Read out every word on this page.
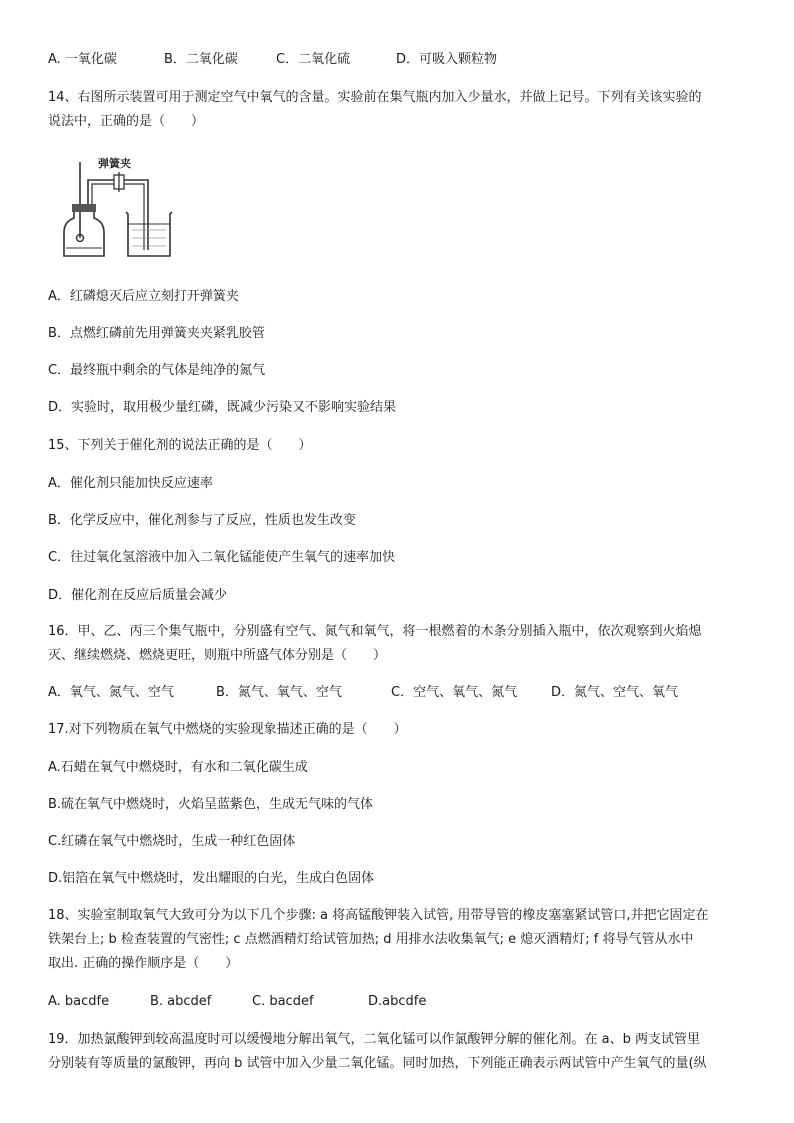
A. 一氧化碳	B．二氧化碳	C．二氧化硫	D．可吸入颗粒物
14、右图所示装置可用于测定空气中氧气的含量。实验前在集气瓶内加入少量水，并做上记号。下列有关该实验的
说法中，正确的是（　　）
弹簧夹
A．红磷熄灭后应立刻打开弹簧夹
B．点燃红磷前先用弹簧夹夹紧乳胶管
C．最终瓶中剩余的气体是纯净的氮气
D．实验时，取用极少量红磷，既减少污染又不影响实验结果
15、下列关于催化剂的说法正确的是（　　）
A．催化剂只能加快反应速率
B．化学反应中，催化剂参与了反应，性质也发生改变
C．往过氧化氢溶液中加入二氧化锰能使产生氧气的速率加快
D．催化剂在反应后质量会减少
16．甲、乙、丙三个集气瓶中，分别盛有空气、氮气和氧气，将一根燃着的木条分别插入瓶中，依次观察到火焰熄
灭、继续燃烧、燃烧更旺，则瓶中所盛气体分别是（　　）
A．氧气、氮气、空气	B．氮气、氧气、空气	C．空气、氧气、氮气	D．氮气、空气、氧气
17.对下列物质在氧气中燃烧的实验现象描述正确的是（　　）
A.石蜡在氧气中燃烧时，有水和二氧化碳生成
B.硫在氧气中燃烧时，火焰呈蓝紫色，生成无气味的气体
C.红磷在氧气中燃烧时，生成一种红色固体
D.铝箔在氧气中燃烧时，发出耀眼的白光，生成白色固体
18、实验室制取氧气大致可分为以下几个步骤: a 将高锰酸钾装入试管, 用带导管的橡皮塞塞紧试管口,并把它固定在
铁架台上; b 检查装置的气密性; c 点燃酒精灯给试管加热; d 用排水法收集氧气; e 熄灭酒精灯; f 将导气管从水中
取出. 正确的操作顺序是（　　）
A. bacdfe	B. abcdef	C. bacdef	D.abcdfe
19．加热氯酸钾到较高温度时可以缓慢地分解出氧气，二氧化锰可以作氯酸钾分解的催化剂。在 a、b 两支试管里
分别装有等质量的氯酸钾，再向 b 试管中加入少量二氧化锰。同时加热，下列能正确表示两试管中产生氧气的量(纵
